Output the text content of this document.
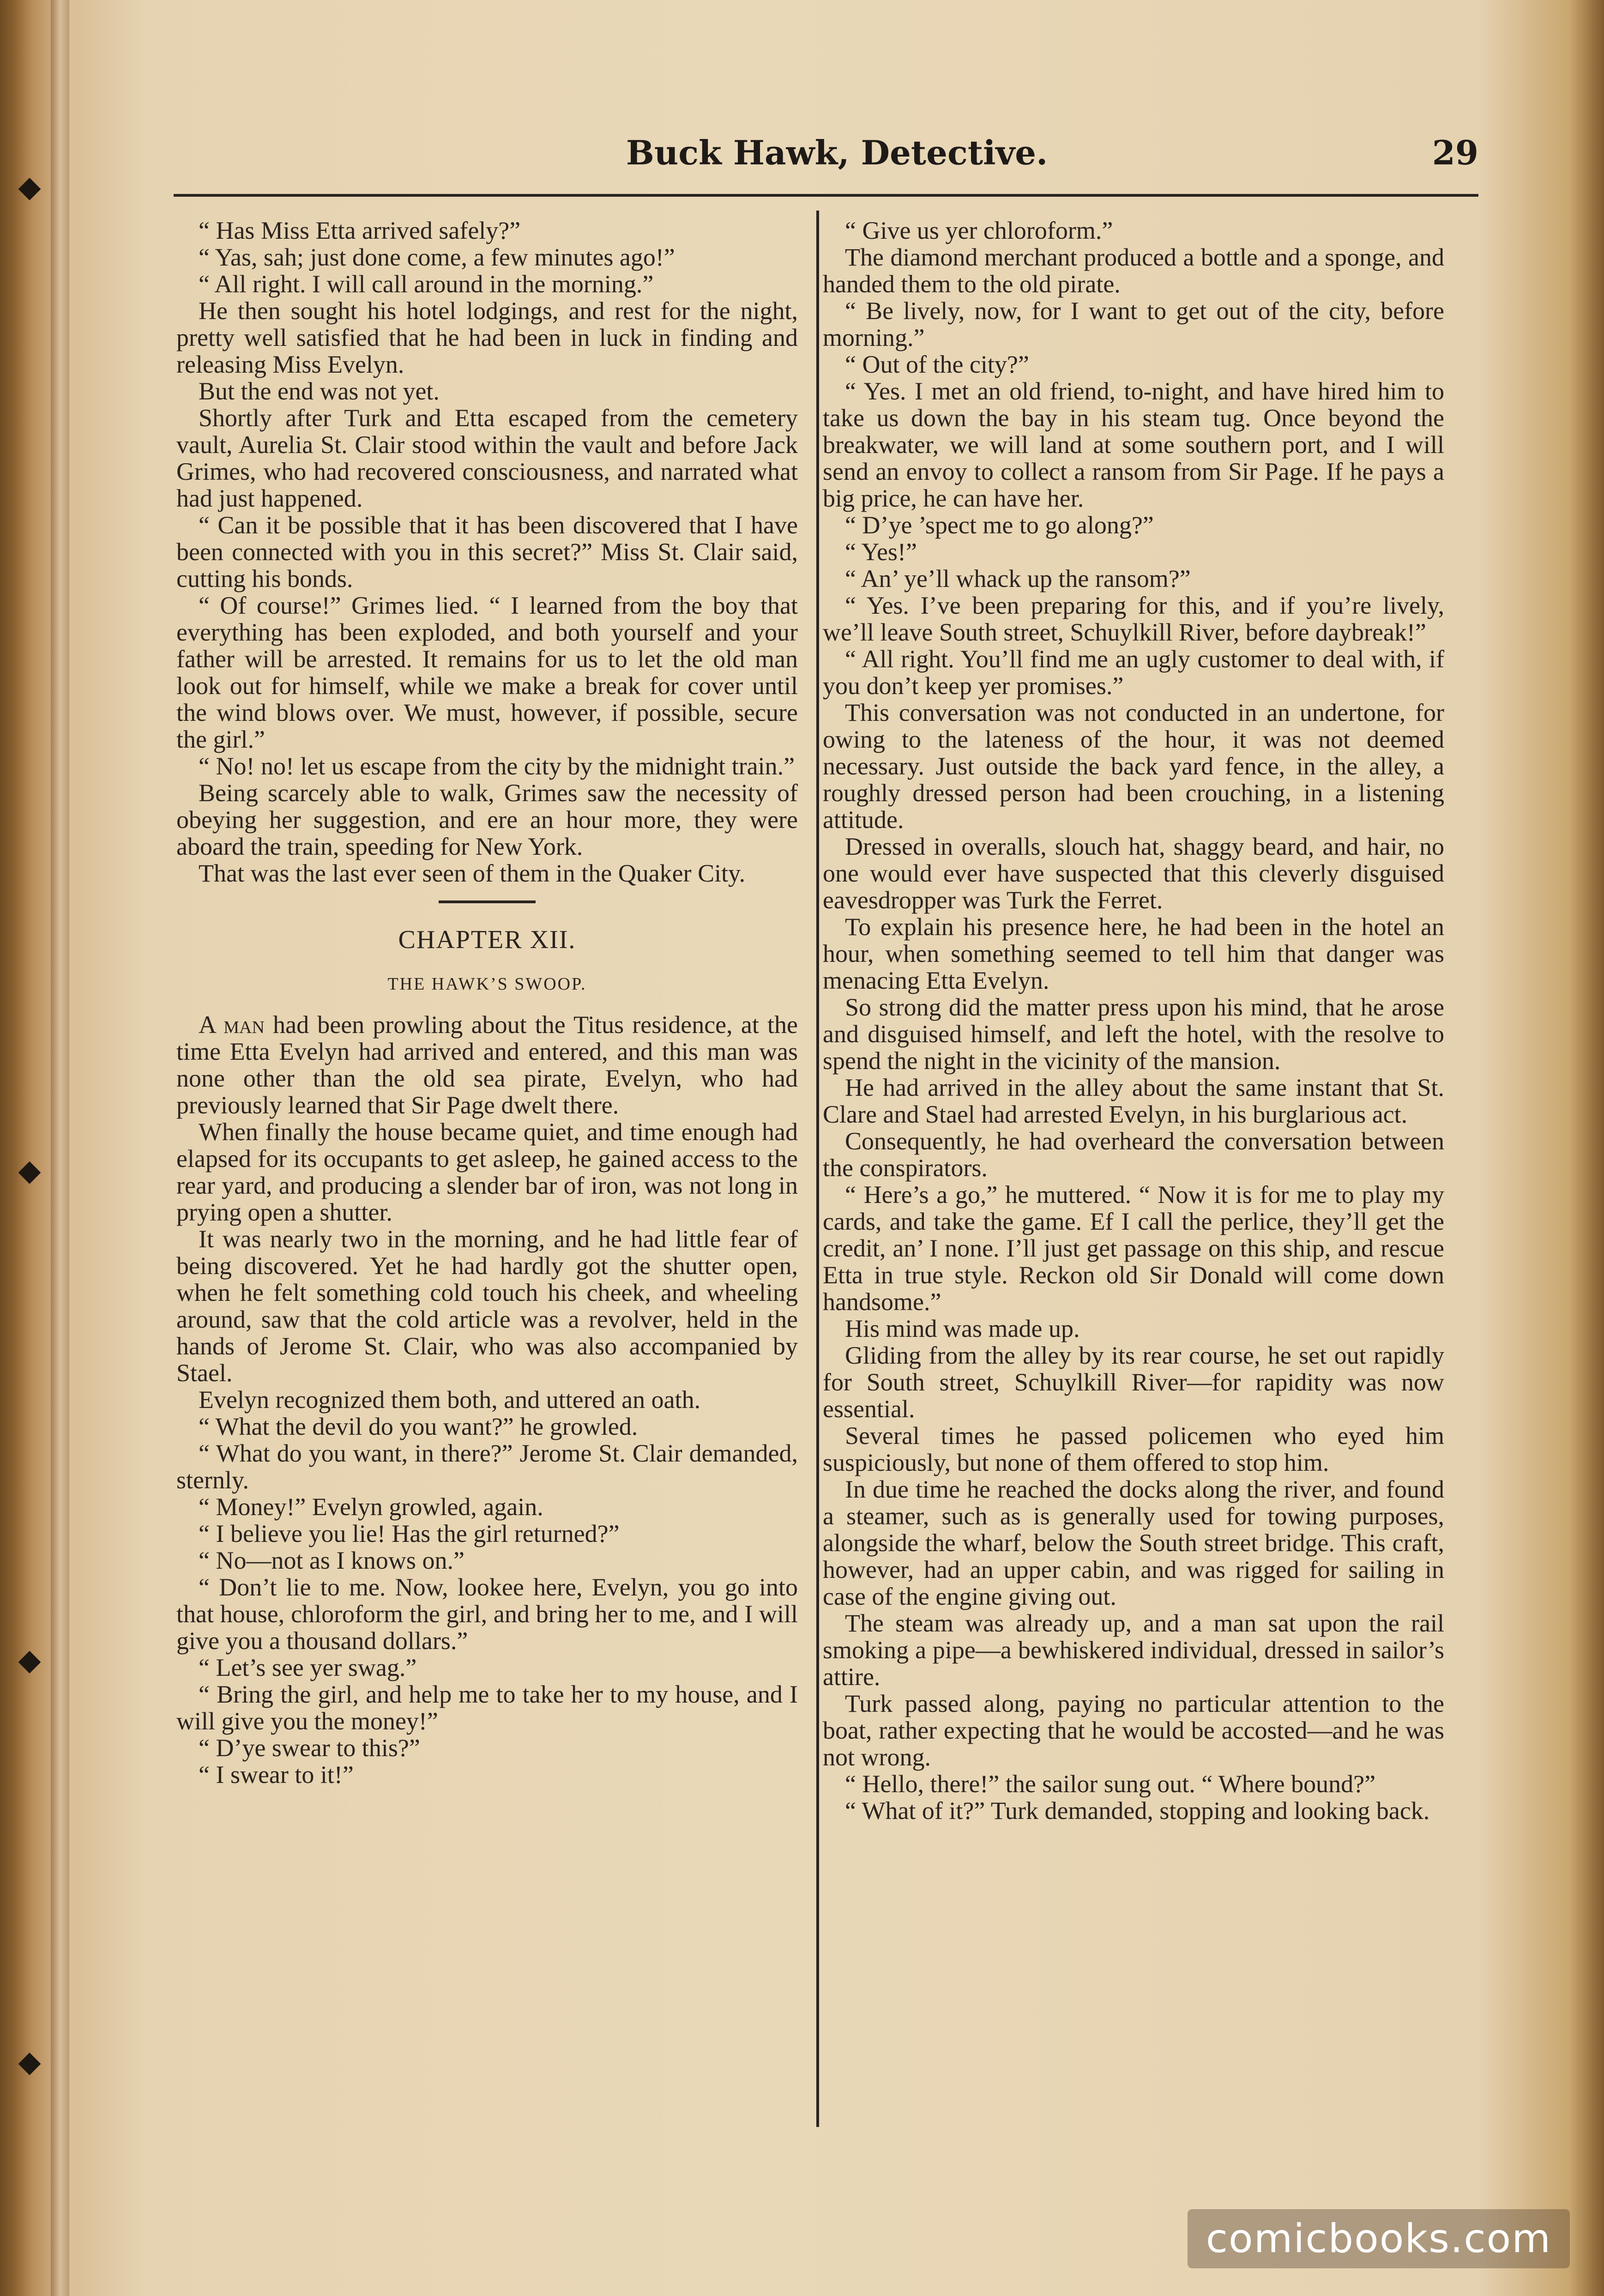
◆
◆
◆
◆
Buck Hawk, Detective.	29

“ Has Miss Etta arrived safely?”

“ Yas, sah; just done come, a few minutes ago!”

“ All right. I will call around in the morning.”

He then sought his hotel lodgings, and rest for the night, pretty well satisfied that he had been in luck in finding and releasing Miss Evelyn.

But the end was not yet.

Shortly after Turk and Etta escaped from the cemetery vault, Aurelia St. Clair stood within the vault and before Jack Grimes, who had recovered consciousness, and narrated what had just happened.

“ Can it be possible that it has been discovered that I have been connected with you in this secret?” Miss St. Clair said, cutting his bonds.

“ Of course!” Grimes lied. “ I learned from the boy that everything has been exploded, and both yourself and your father will be arrested. It remains for us to let the old man look out for himself, while we make a break for cover until the wind blows over. We must, however, if possible, secure the girl.”

“ No! no! let us escape from the city by the midnight train.”

Being scarcely able to walk, Grimes saw the necessity of obeying her suggestion, and ere an hour more, they were aboard the train, speeding for New York.

That was the last ever seen of them in the Quaker City.

CHAPTER XII.

THE HAWK’S SWOOP.

A man had been prowling about the Titus residence, at the time Etta Evelyn had arrived and entered, and this man was none other than the old sea pirate, Evelyn, who had previously learned that Sir Page dwelt there.

When finally the house became quiet, and time enough had elapsed for its occupants to get asleep, he gained access to the rear yard, and producing a slender bar of iron, was not long in prying open a shutter.

It was nearly two in the morning, and he had little fear of being discovered. Yet he had hardly got the shutter open, when he felt something cold touch his cheek, and wheeling around, saw that the cold article was a revolver, held in the hands of Jerome St. Clair, who was also accompanied by Stael.

Evelyn recognized them both, and uttered an oath.

“ What the devil do you want?” he growled.

“ What do you want, in there?” Jerome St. Clair demanded, sternly.

“ Money!” Evelyn growled, again.

“ I believe you lie! Has the girl returned?”

“ No—not as I knows on.”

“ Don’t lie to me. Now, lookee here, Evelyn, you go into that house, chloroform the girl, and bring her to me, and I will give you a thousand dollars.”

“ Let’s see yer swag.”

“ Bring the girl, and help me to take her to my house, and I will give you the money!”

“ D’ye swear to this?”

“ I swear to it!”

“ Give us yer chloroform.”

The diamond merchant produced a bottle and a sponge, and handed them to the old pirate.

“ Be lively, now, for I want to get out of the city, before morning.”

“ Out of the city?”

“ Yes. I met an old friend, to-night, and have hired him to take us down the bay in his steam tug. Once beyond the breakwater, we will land at some southern port, and I will send an envoy to collect a ransom from Sir Page. If he pays a big price, he can have her.

“ D’ye ’spect me to go along?”

“ Yes!”

“ An’ ye’ll whack up the ransom?”

“ Yes. I’ve been preparing for this, and if you’re lively, we’ll leave South street, Schuylkill River, before daybreak!”

“ All right. You’ll find me an ugly customer to deal with, if you don’t keep yer promises.”

This conversation was not conducted in an undertone, for owing to the lateness of the hour, it was not deemed necessary. Just outside the back yard fence, in the alley, a roughly dressed person had been crouching, in a listening attitude.

Dressed in overalls, slouch hat, shaggy beard, and hair, no one would ever have suspected that this cleverly disguised eavesdropper was Turk the Ferret.

To explain his presence here, he had been in the hotel an hour, when something seemed to tell him that danger was menacing Etta Evelyn.

So strong did the matter press upon his mind, that he arose and disguised himself, and left the hotel, with the resolve to spend the night in the vicinity of the mansion.

He had arrived in the alley about the same instant that St. Clare and Stael had arrested Evelyn, in his burglarious act.

Consequently, he had overheard the conversation between the conspirators.

“ Here’s a go,” he muttered. “ Now it is for me to play my cards, and take the game. Ef I call the perlice, they’ll get the credit, an’ I none. I’ll just get passage on this ship, and rescue Etta in true style. Reckon old Sir Donald will come down handsome.”

His mind was made up.

Gliding from the alley by its rear course, he set out rapidly for South street, Schuylkill River—for rapidity was now essential.

Several times he passed policemen who eyed him suspiciously, but none of them offered to stop him.

In due time he reached the docks along the river, and found a steamer, such as is generally used for towing purposes, alongside the wharf, below the South street bridge. This craft, however, had an upper cabin, and was rigged for sailing in case of the engine giving out.

The steam was already up, and a man sat upon the rail smoking a pipe—a bewhiskered individual, dressed in sailor’s attire.

Turk passed along, paying no particular attention to the boat, rather expecting that he would be accosted—and he was not wrong.

“ Hello, there!” the sailor sung out. “ Where bound?”

“ What of it?” Turk demanded, stopping and looking back.

comicbooks.com
